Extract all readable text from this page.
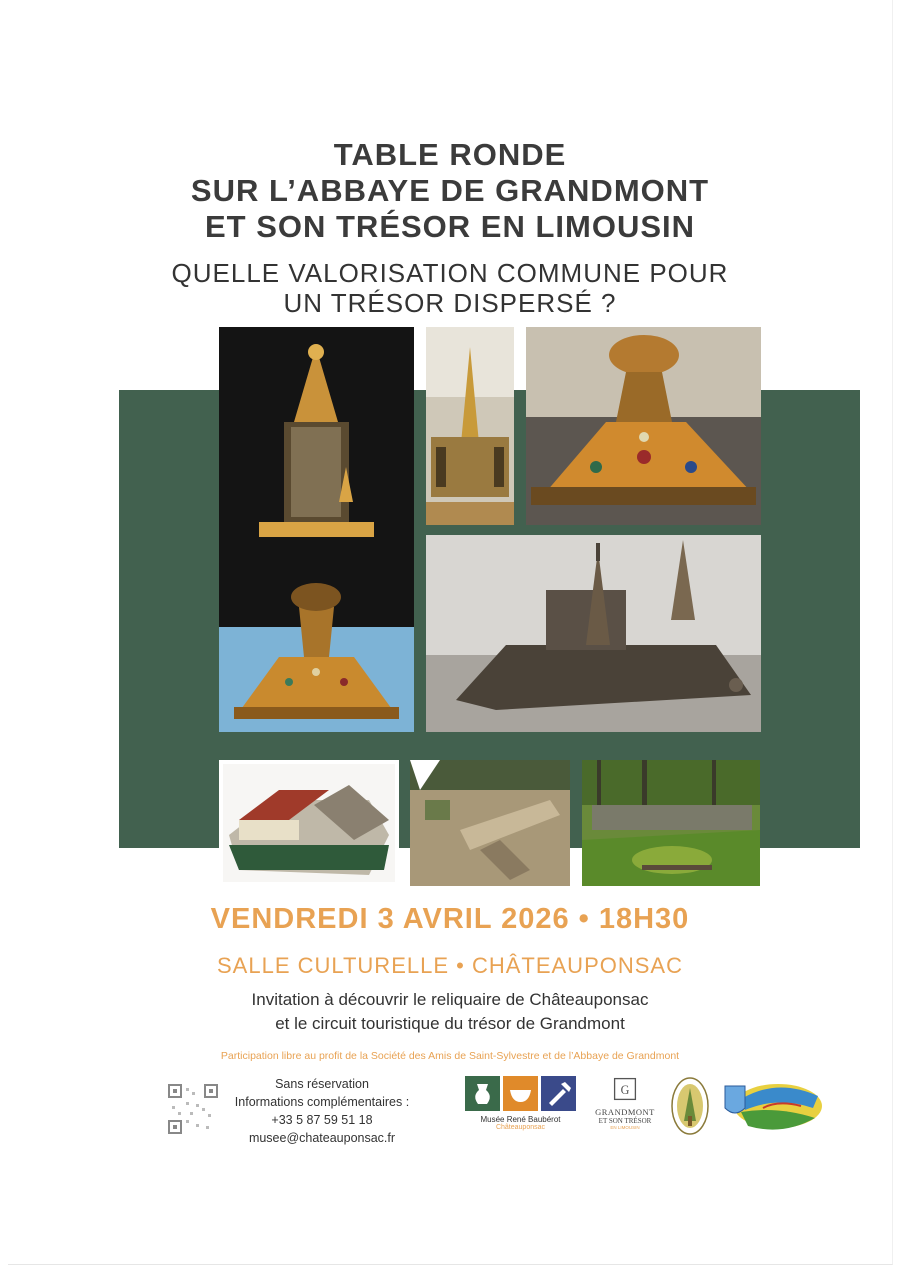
TABLE RONDE
SUR L’ABBAYE DE GRANDMONT
ET SON TRÉSOR EN LIMOUSIN
QUELLE VALORISATION COMMUNE POUR
UN TRÉSOR DISPERSÉ ?
VENDREDI 3 AVRIL 2026 • 18H30
SALLE CULTURELLE • CHÂTEAUPONSAC
Invitation à découvrir le reliquaire de Châteauponsac
et le circuit touristique du trésor de Grandmont
Participation libre au profit de la Société des Amis de Saint-Sylvestre et de l’Abbaye de Grandmont
Sans réservation
Informations complémentaires :
+33 5 87 59 51 18
musee@chateauponsac.fr
Musée René Baubérot
Châteauponsac
G
GRANDMONT
ET SON TRÉSOR
EN LIMOUSIN
